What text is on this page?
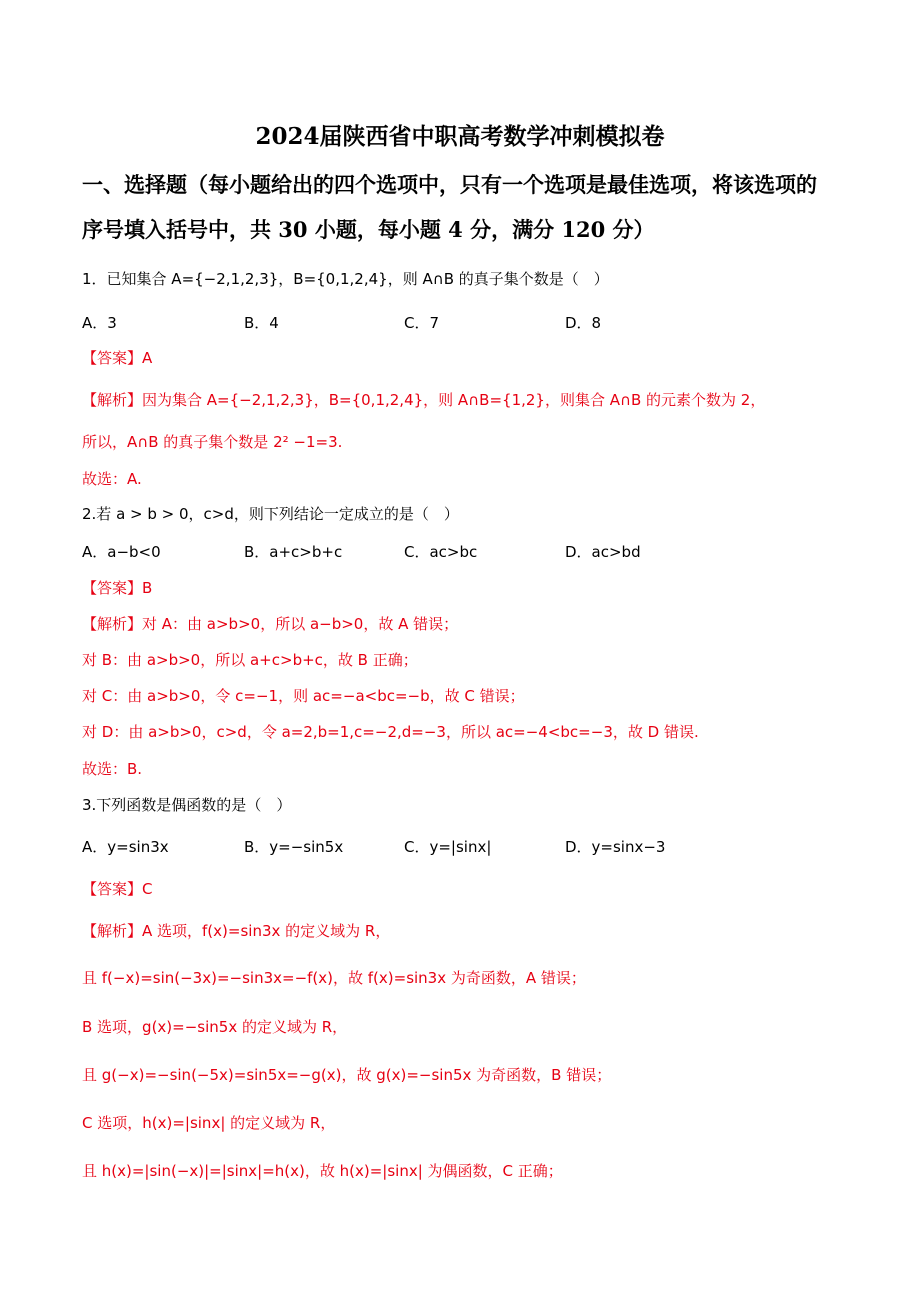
2024届陕西省中职高考数学冲刺模拟卷
一、选择题（每小题给出的四个选项中，只有一个选项是最佳选项，将该选项的
序号填入括号中，共 30 小题，每小题 4 分，满分 120 分）
1．已知集合 A={−2,1,2,3}，B={0,1,2,4}，则 A∩B 的真子集个数是（　）
A．3	B．4	C．7	D．8
【答案】A
【解析】因为集合 A={−2,1,2,3}，B={0,1,2,4}，则 A∩B={1,2}，则集合 A∩B 的元素个数为 2，
所以，A∩B 的真子集个数是 2² −1=3.
故选：A.
2.若 a > b > 0，c>d，则下列结论一定成立的是（　）
A．a−b<0	B．a+c>b+c	C．ac>bc	D．ac>bd
【答案】B
【解析】对 A：由 a>b>0，所以 a−b>0，故 A 错误；
对 B：由 a>b>0，所以 a+c>b+c，故 B 正确；
对 C：由 a>b>0，令 c=−1，则 ac=−a<bc=−b，故 C 错误；
对 D：由 a>b>0，c>d，令 a=2,b=1,c=−2,d=−3，所以 ac=−4<bc=−3，故 D 错误.
故选：B.
3.下列函数是偶函数的是（　）
A．y=sin3x	B．y=−sin5x	C．y=|sinx|	D．y=sinx−3
【答案】C
【解析】A 选项，f(x)=sin3x 的定义域为 R，
且 f(−x)=sin(−3x)=−sin3x=−f(x)，故 f(x)=sin3x 为奇函数，A 错误；
B 选项，g(x)=−sin5x 的定义域为 R，
且 g(−x)=−sin(−5x)=sin5x=−g(x)，故 g(x)=−sin5x 为奇函数，B 错误；
C 选项，h(x)=|sinx| 的定义域为 R，
且 h(x)=|sin(−x)|=|sinx|=h(x)，故 h(x)=|sinx| 为偶函数，C 正确；
